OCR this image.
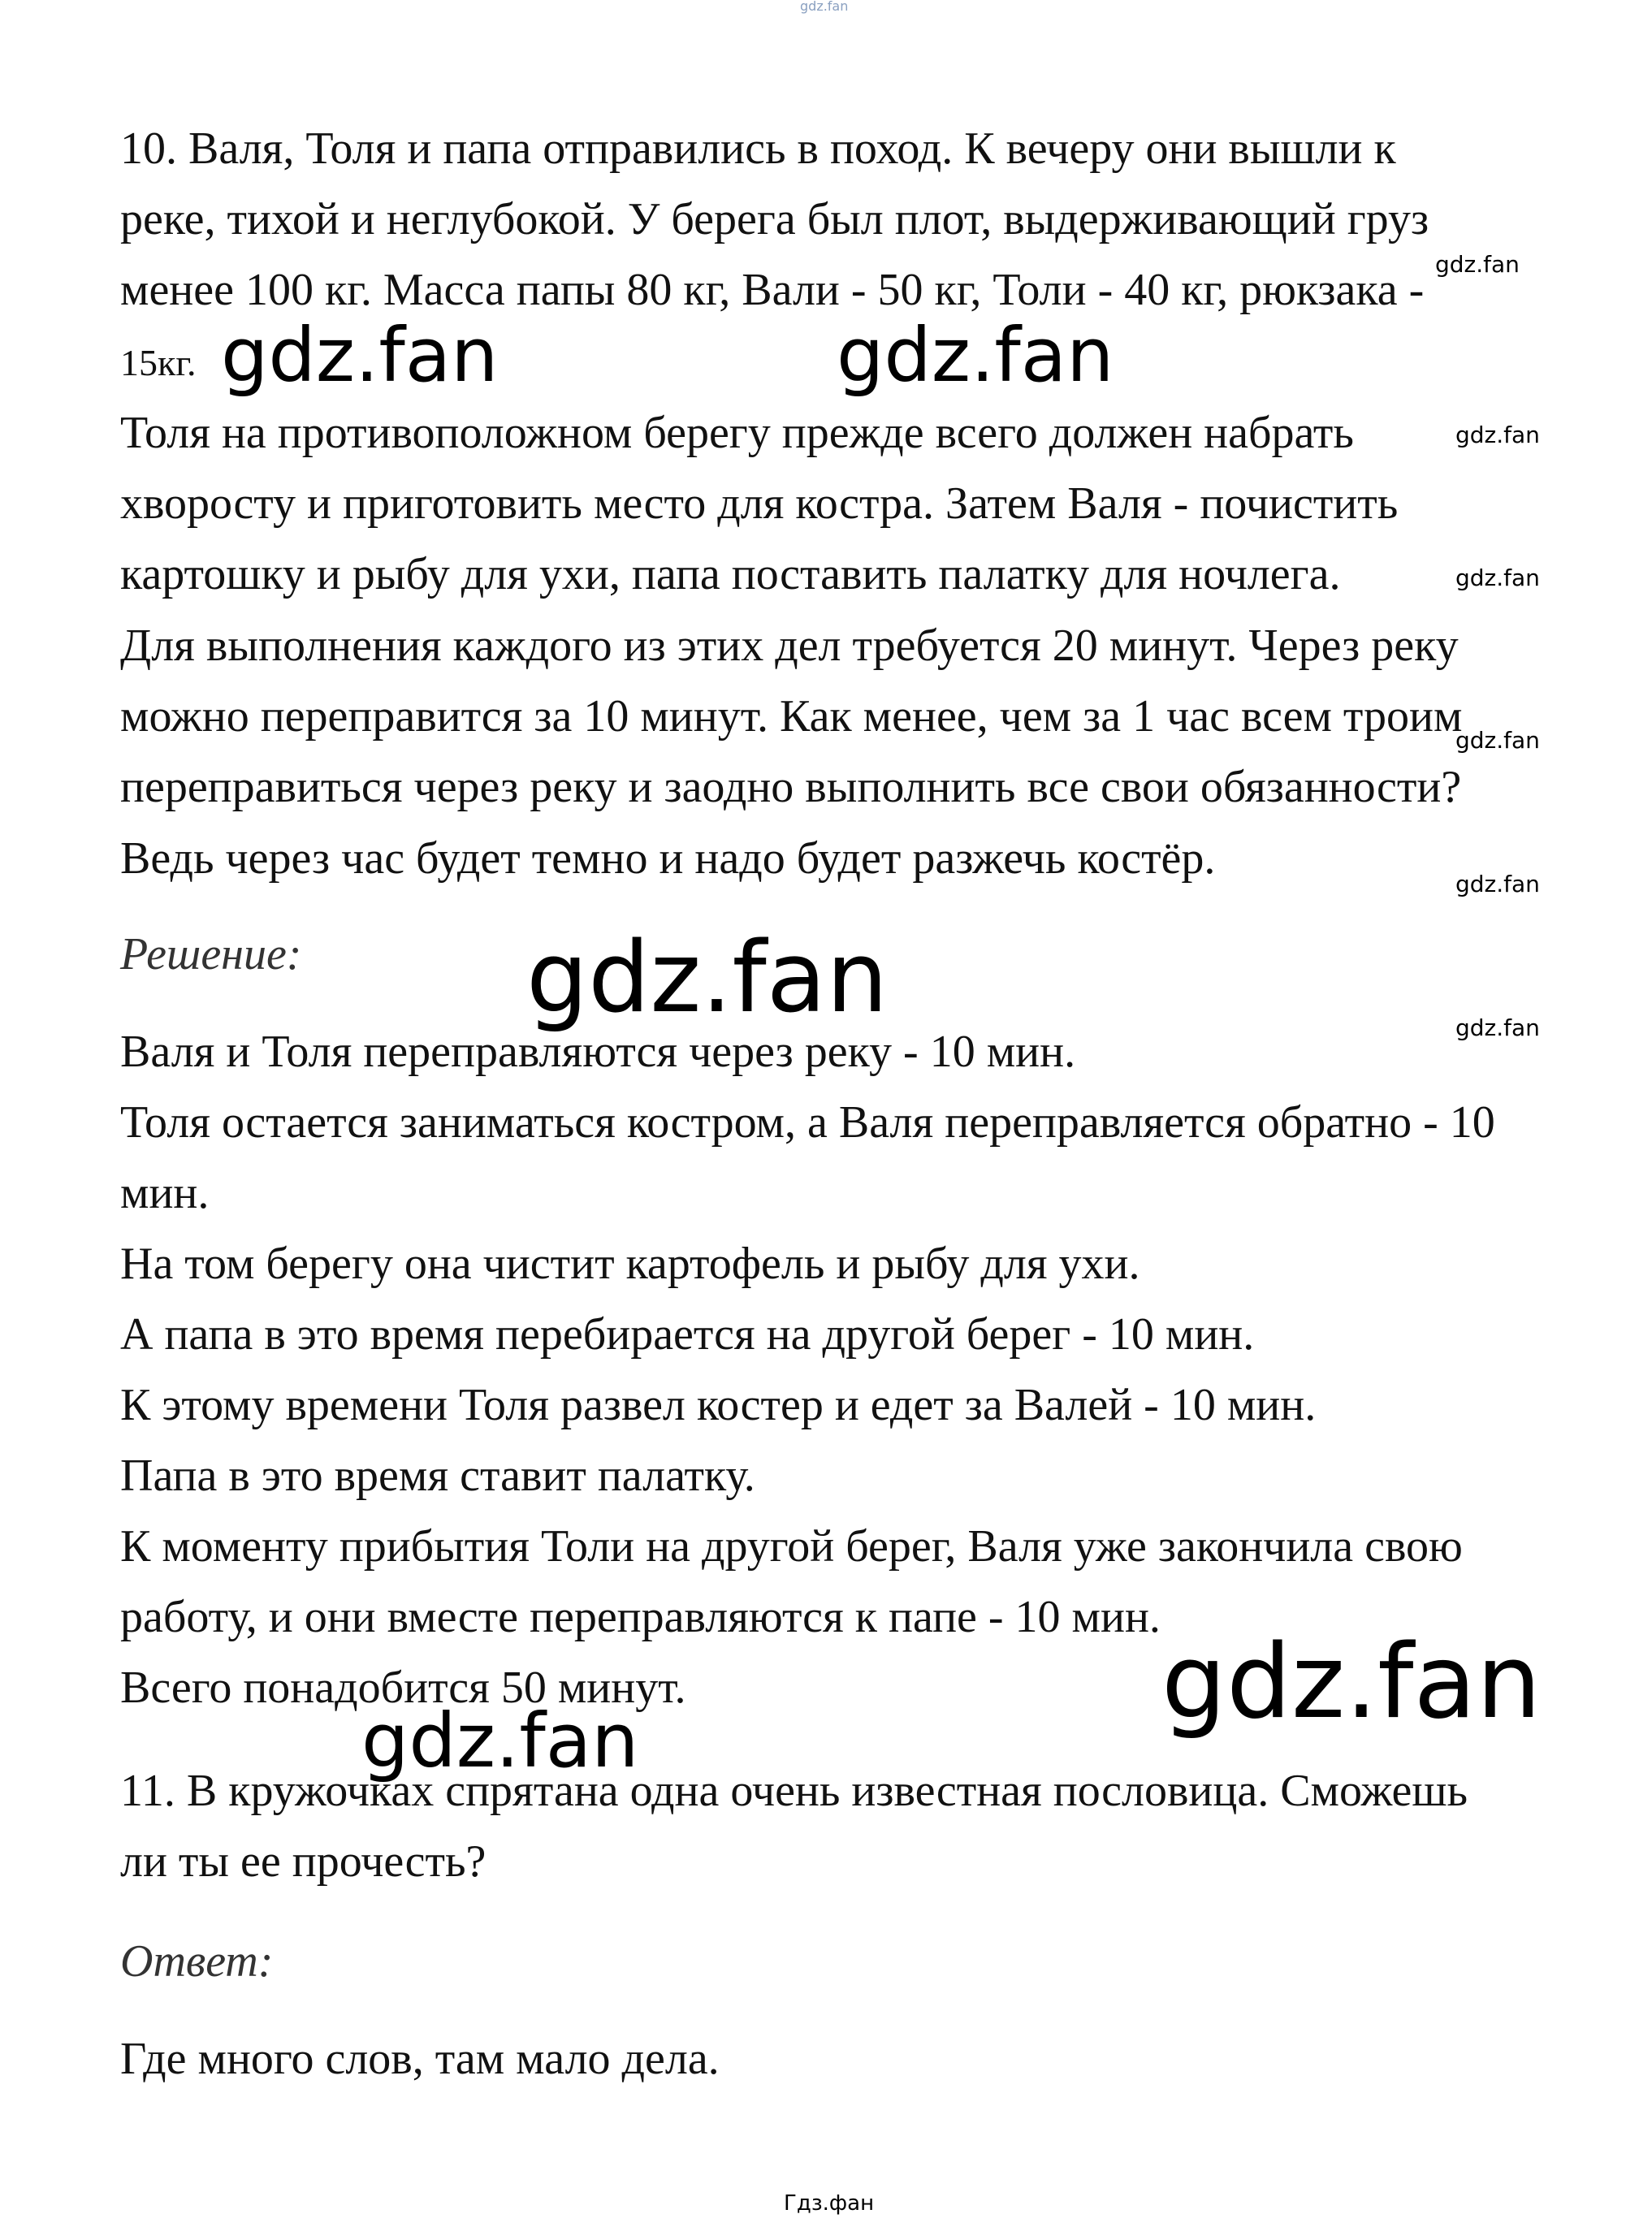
gdz.fan

10. Валя, Толя и папа отправились в поход. К вечеру они вышли к

реке, тихой и неглубокой. У берега был плот, выдерживающий груз

менее 100 кг. Масса папы 80 кг, Вали - 50 кг, Толи - 40 кг, рюкзака -

15кг.

Толя на противоположном берегу прежде всего должен набрать

хворосту и приготовить место для костра. Затем Валя - почистить

картошку и рыбу для ухи, папа поставить палатку для ночлега.

Для выполнения каждого из этих дел требуется 20 минут. Через реку

можно переправится за 10 минут. Как менее, чем за 1 час всем троим

переправиться через реку и заодно выполнить все свои обязанности?

Ведь через час будет темно и надо будет разжечь костёр.

Решение:

Валя и Толя переправляются через реку - 10 мин.

Толя остается заниматься костром, а Валя переправляется обратно - 10

мин.

На том берегу она чистит картофель и рыбу для ухи.

А папа в это время перебирается на другой берег - 10 мин.

К этому времени Толя развел костер и едет за Валей - 10 мин.

Папа в это время ставит палатку.

К моменту прибытия Толи на другой берег, Валя уже закончила свою

работу, и они вместе переправляются к папе - 10 мин.

Всего понадобится 50 минут.

11. В кружочках спрятана одна очень известная пословица. Сможешь

ли ты ее прочесть?

Ответ:

Где много слов, там мало дела.

gdz.fan
gdz.fan
gdz.fan
gdz.fan
gdz.fan
gdz.fan
gdz.fan	gdz.fan
gdz.fan
gdz.fan
gdz.fan
Гдз.фан
